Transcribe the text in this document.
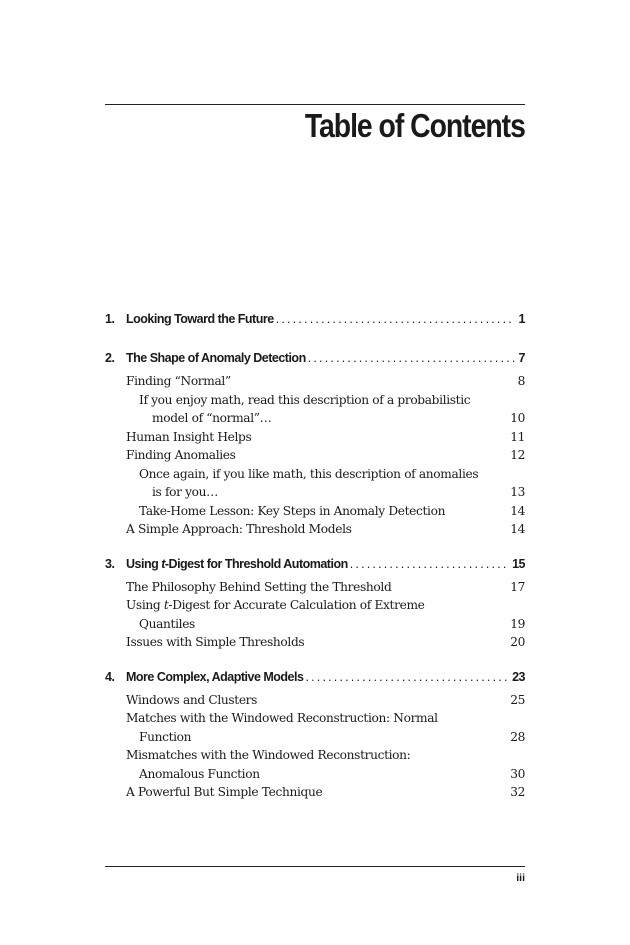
Table of Contents
1. Looking Toward the Future .....	1
2. The Shape of Anomaly Detection .....	7
Finding “Normal”	8
If you enjoy math, read this description of a probabilistic
model of “normal”…	10
Human Insight Helps	11
Finding Anomalies	12
Once again, if you like math, this description of anomalies
is for you…	13
Take-Home Lesson: Key Steps in Anomaly Detection	14
A Simple Approach: Threshold Models	14
3. Using t-Digest for Threshold Automation .....	15
The Philosophy Behind Setting the Threshold	17
Using t-Digest for Accurate Calculation of Extreme
Quantiles	19
Issues with Simple Thresholds	20
4. More Complex, Adaptive Models .....	23
Windows and Clusters	25
Matches with the Windowed Reconstruction: Normal
Function	28
Mismatches with the Windowed Reconstruction:
Anomalous Function	30
A Powerful But Simple Technique	32
iii
